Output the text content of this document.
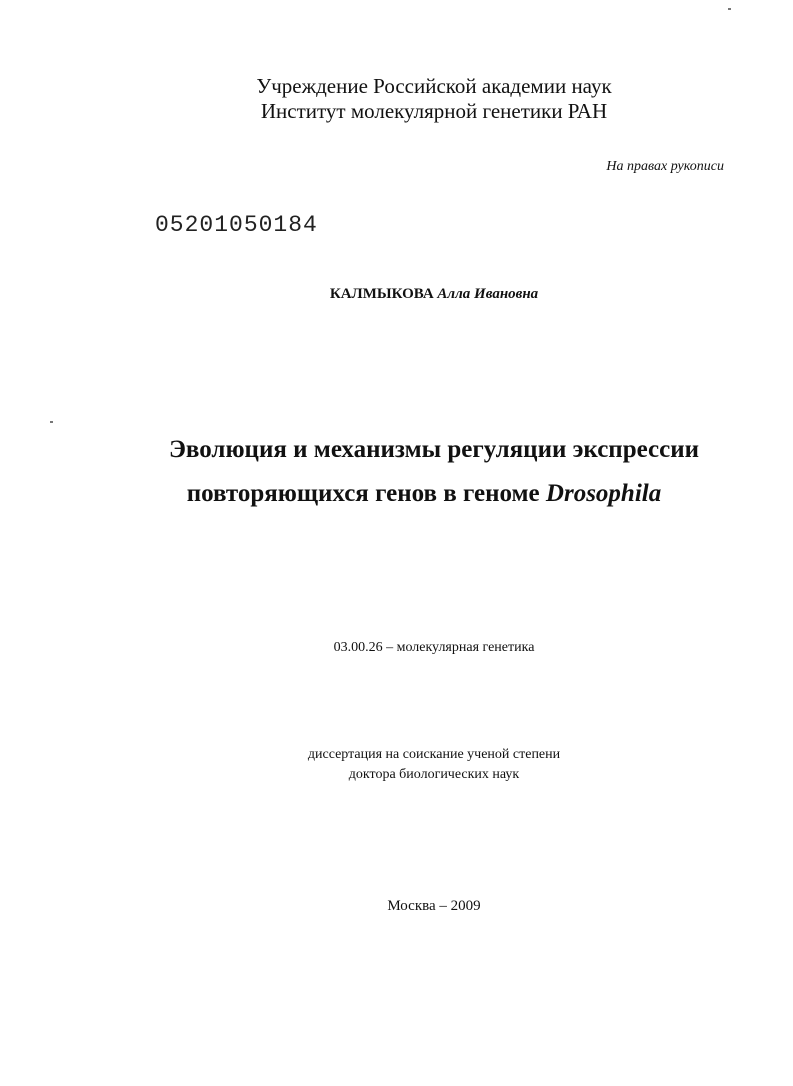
Учреждение Российской академии наук
Институт молекулярной генетики РАН
На правах рукописи
05201050184
КАЛМЫКОВА Алла Ивановна
Эволюция и механизмы регуляции экспрессии
повторяющихся генов в геноме Drosophila
03.00.26 – молекулярная генетика
диссертация на соискание ученой степени
доктора биологических наук
Москва – 2009
